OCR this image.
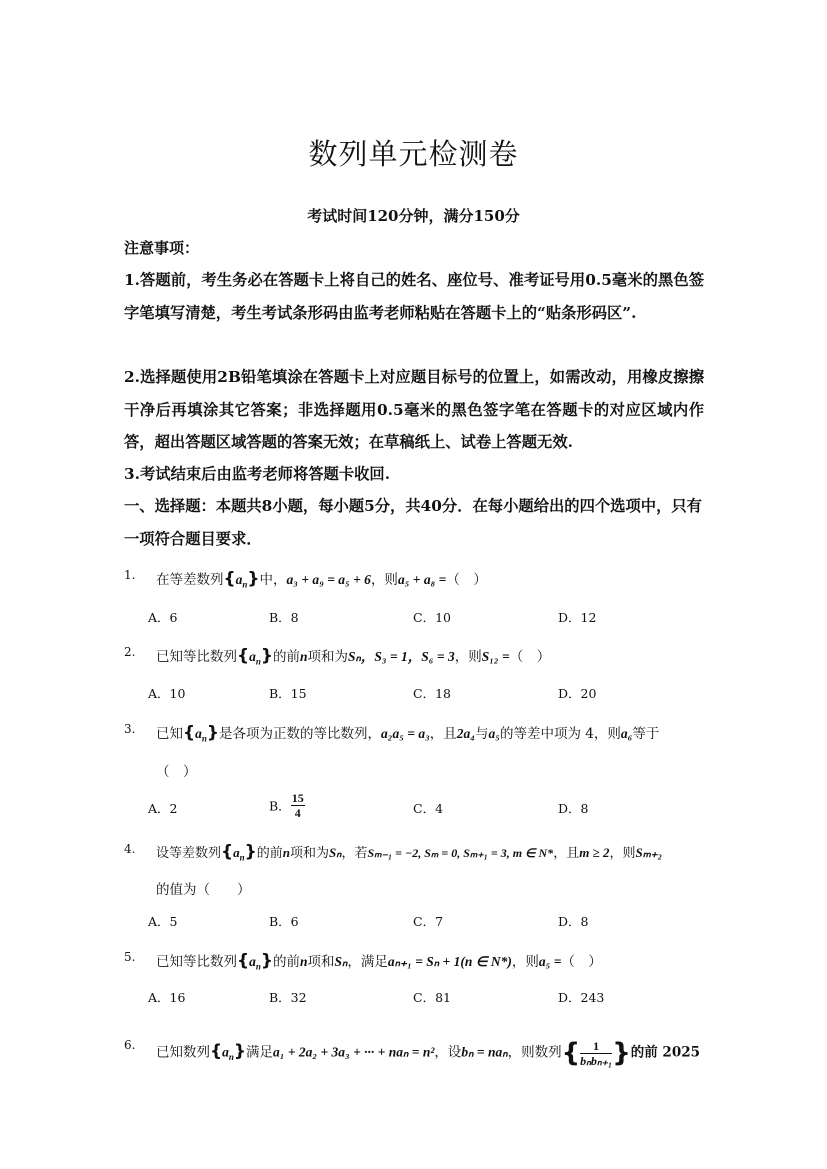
数列单元检测卷
考试时间120分钟，满分150分
注意事项：
1.答题前，考生务必在答题卡上将自己的姓名、座位号、准考证号用0.5毫米的黑色签字笔填写清楚，考生考试条形码由监考老师粘贴在答题卡上的“贴条形码区”.
2.选择题使用2B铅笔填涂在答题卡上对应题目标号的位置上，如需改动，用橡皮擦擦干净后再填涂其它答案；非选择题用0.5毫米的黑色签字笔在答题卡的对应区域内作答，超出答题区域答题的答案无效；在草稿纸上、试卷上答题无效.
3.考试结束后由监考老师将答题卡收回.
一、选择题：本题共8小题，每小题5分，共40分．在每小题给出的四个选项中，只有一项符合题目要求．
1. 在等差数列$\{a_n\}$中，a₃ + a₉ = a₅ + 6，则a₅ + a₈ =（　）
A．6	B．8	C．10	D．12
2. 已知等比数列$\{a_n\}$的前n项和为Sₙ，S₃ = 1，S₆ = 3，则S₁₂ =（　）
A．10	B．15	C．18	D．20
3. 已知$\{a_n\}$是各项为正数的等比数列，a₂a₅ = a₃，且2a₄与a₅的等差中项为 4，则a₆等于
（　）
A．2	B． $\frac{15}{4}$	C．4	D．8
4. 设等差数列$\{a_n\}$的前n项和为Sₙ，若Sₘ₋₁ = −2, Sₘ = 0, Sₘ₊₁ = 3, m ∈ N*，且m ≥ 2，则Sₘ₊₂
的值为（　　）
A．5	B．6	C．7	D．8
5. 已知等比数列$\{a_n\}$的前n项和Sₙ，满足aₙ₊₁ = Sₙ + 1(n ∈ N*)，则a₅ =（　）
A．16	B．32	C．81	D．243
6. 已知数列$\{a_n\}$满足a₁ + 2a₂ + 3a₃ + ··· + naₙ = n²，设bₙ = naₙ，则数列{ $\frac{1}{\text{bₙbₙ₊₁}}$ }的前 2025
